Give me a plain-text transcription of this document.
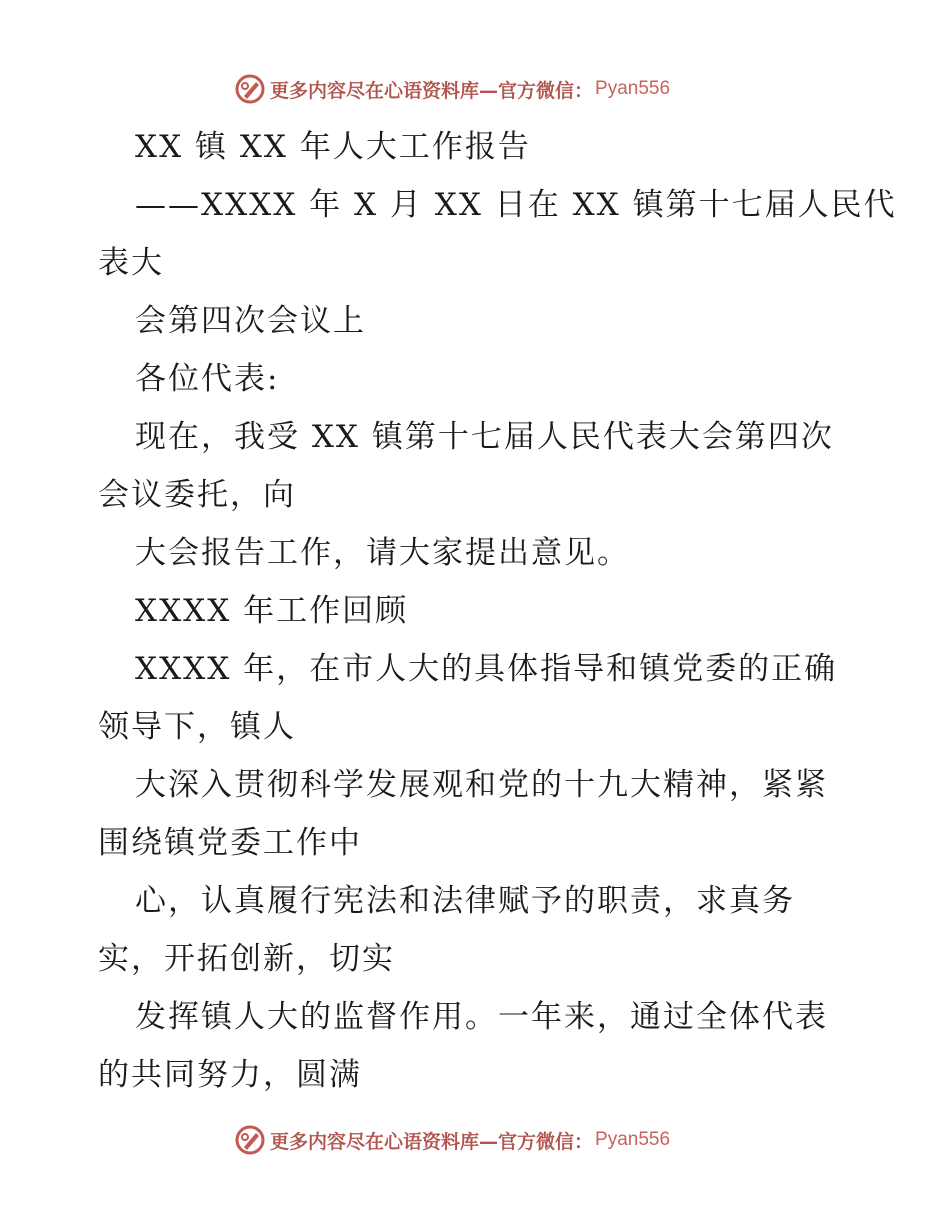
更多内容尽在心语资料库—官方微信： Pyan556
XX 镇 XX 年人大工作报告
——XXXX 年 X 月 XX 日在 XX 镇第十七届人民代
表大
会第四次会议上
各位代表:
现在，我受 XX 镇第十七届人民代表大会第四次
会议委托，向
大会报告工作，请大家提出意见。
XXXX 年工作回顾
XXXX 年，在市人大的具体指导和镇党委的正确
领导下，镇人
大深入贯彻科学发展观和党的十九大精神，紧紧
围绕镇党委工作中
心，认真履行宪法和法律赋予的职责，求真务
实，开拓创新，切实
发挥镇人大的监督作用。一年来，通过全体代表
的共同努力，圆满
更多内容尽在心语资料库—官方微信： Pyan556
